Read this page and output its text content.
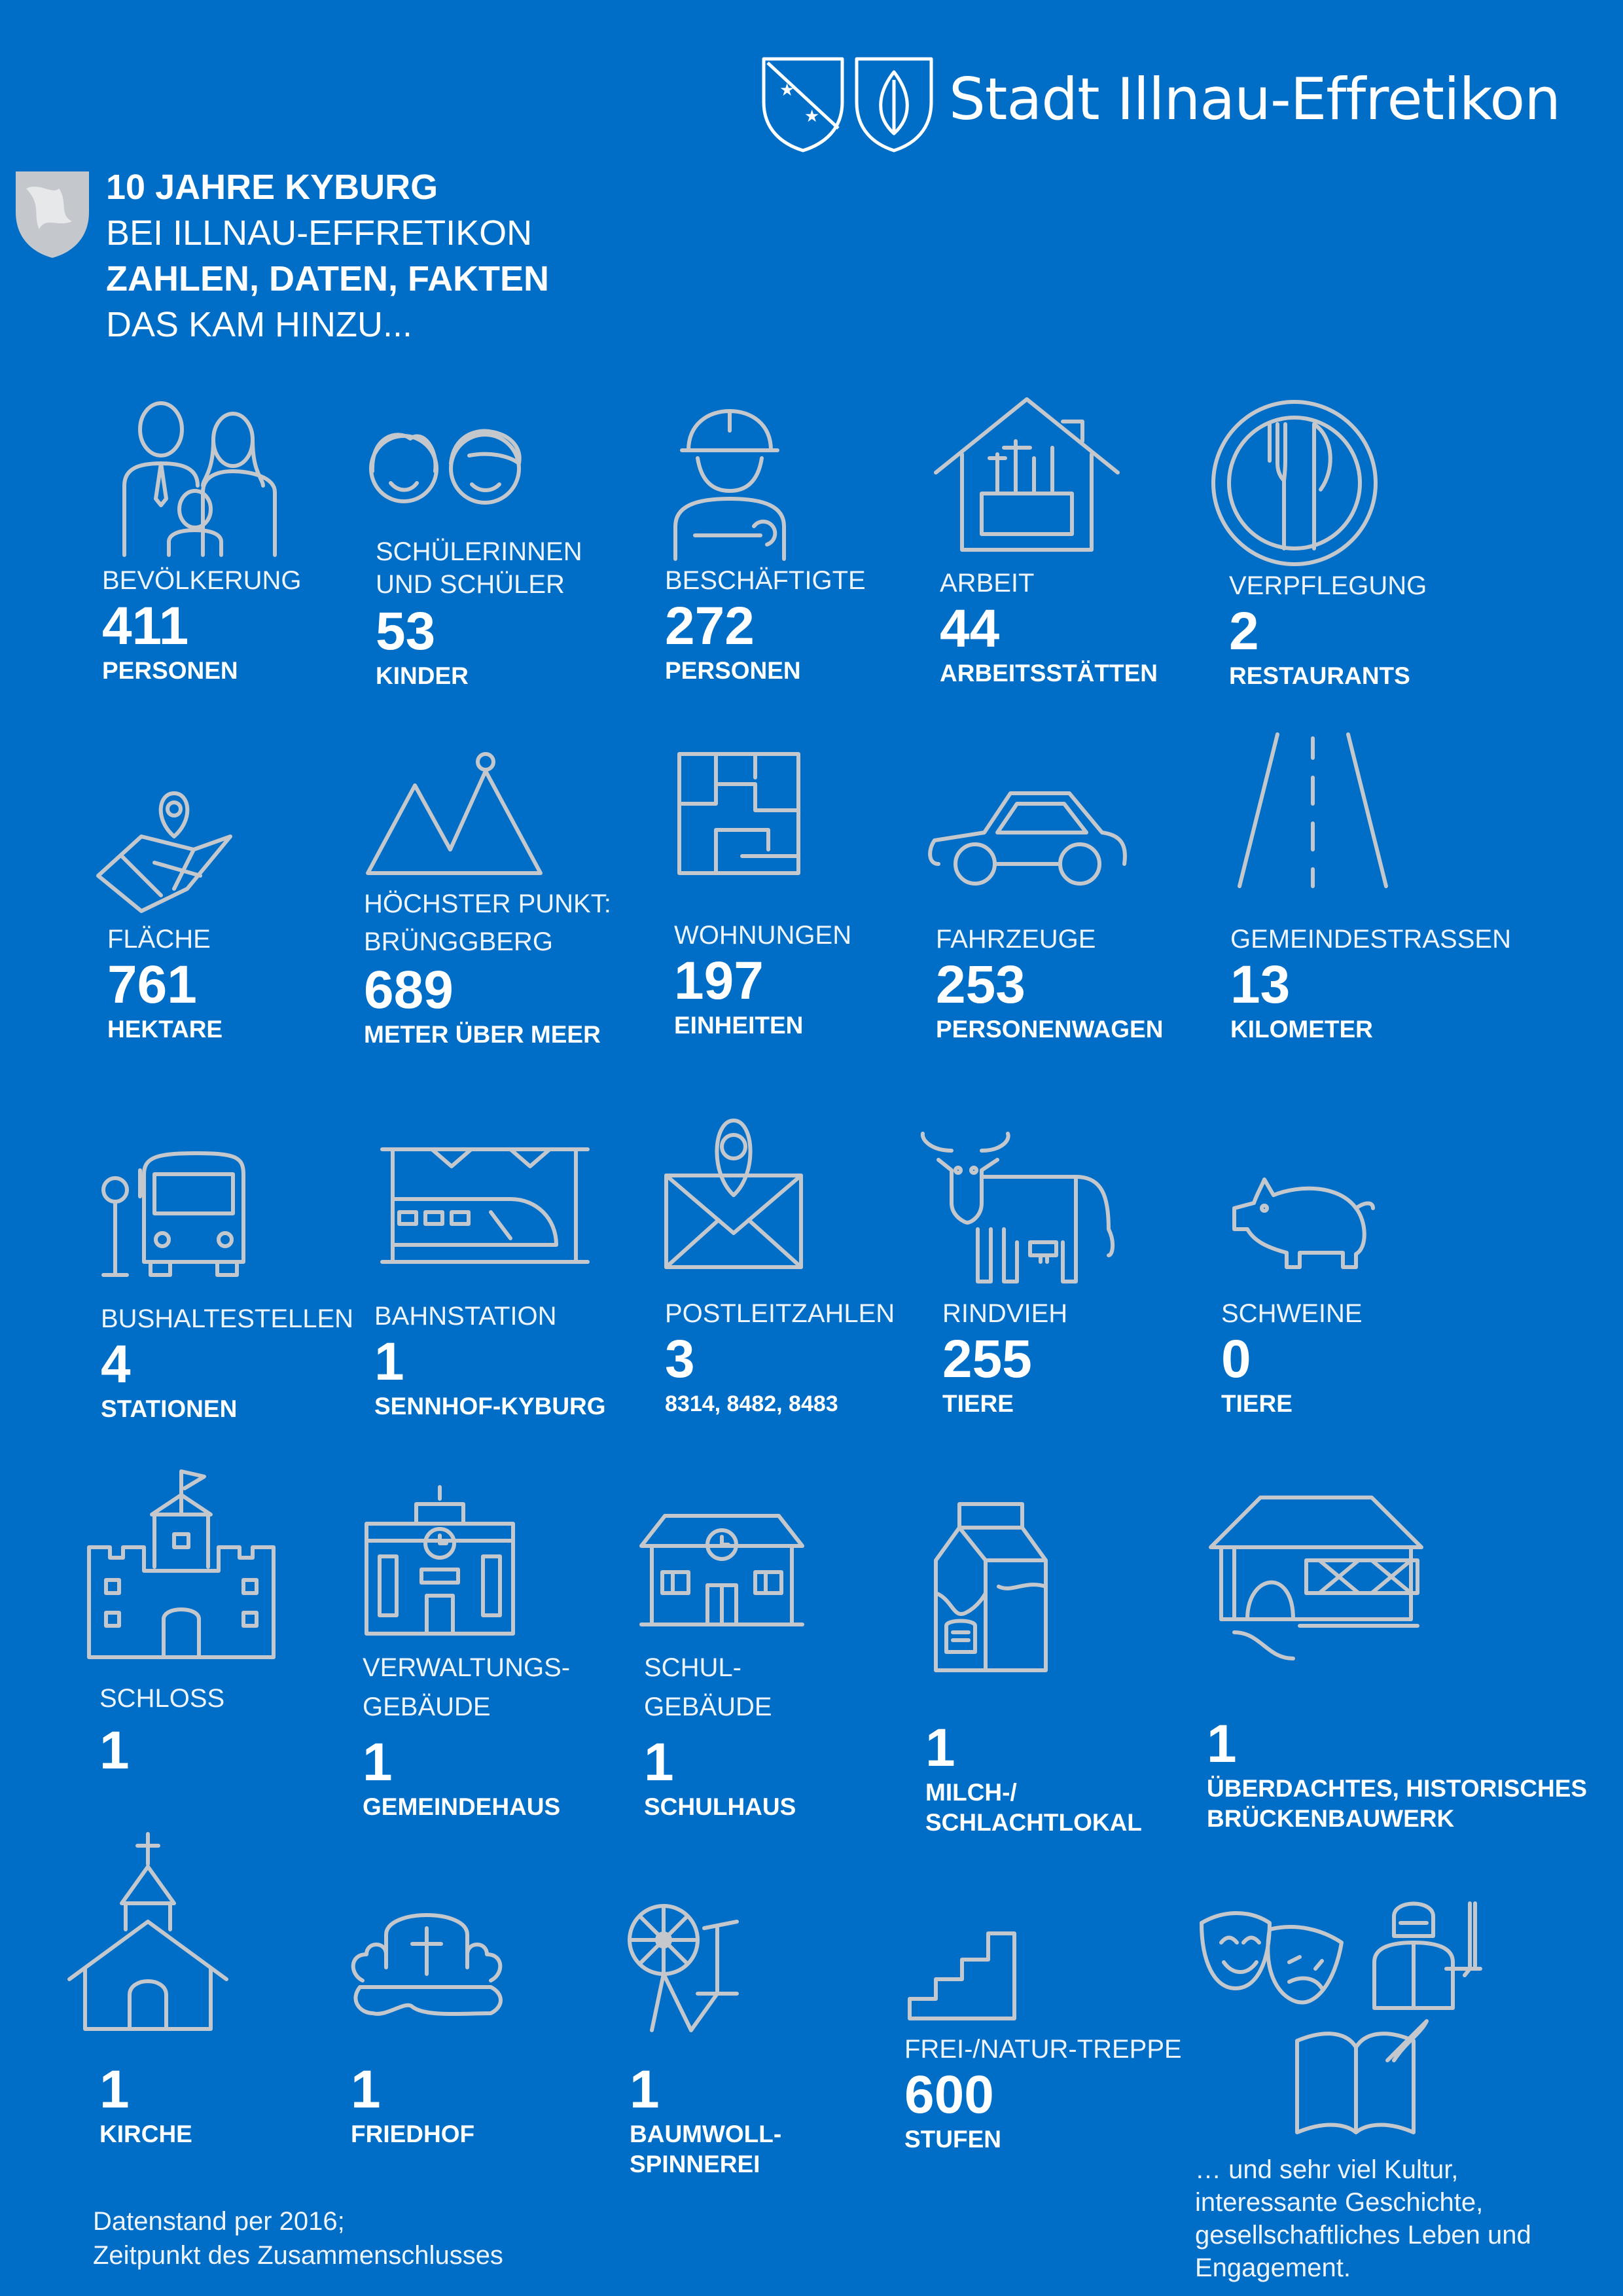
★
★ Stadt Illnau-Effretikon
10 JAHRE KYBURG
BEI ILLNAU-EFFRETIKON
ZAHLEN, DATEN, FAKTEN
DAS KAM HINZU...
BEVÖLKERUNG
411
PERSONEN
SCHÜLERINNEN
UND SCHÜLER
53
KINDER
BESCHÄFTIGTE
272
PERSONEN
ARBEIT
44
ARBEITSSTÄTTEN
VERPFLEGUNG
2
RESTAURANTS
FLÄCHE
761
HEKTARE
HÖCHSTER PUNKT:
BRÜNGGBERG
689
METER ÜBER MEER
WOHNUNGEN
197
EINHEITEN
FAHRZEUGE
253
PERSONENWAGEN
GEMEINDESTRASSEN
13
KILOMETER
BUSHALTESTELLEN
4
STATIONEN
BAHNSTATION
1
SENNHOF-KYBURG
POSTLEITZAHLEN
3
8314, 8482, 8483
RINDVIEH
255
TIERE
SCHWEINE
0
TIERE
SCHLOSS
1
VERWALTUNGS-
GEBÄUDE
1
GEMEINDEHAUS
SCHUL-
GEBÄUDE
1
SCHULHAUS
1
MILCH-/
SCHLACHTLOKAL
1
ÜBERDACHTES, HISTORISCHES
BRÜCKENBAUWERK
1
KIRCHE
1
FRIEDHOF
1
BAUMWOLL-
SPINNEREI
FREI-/NATUR-TREPPE
600
STUFEN
… und sehr viel Kultur, interessante Geschichte, gesellschaftliches Leben und Engagement.
Datenstand per 2016;
Zeitpunkt des Zusammenschlusses
